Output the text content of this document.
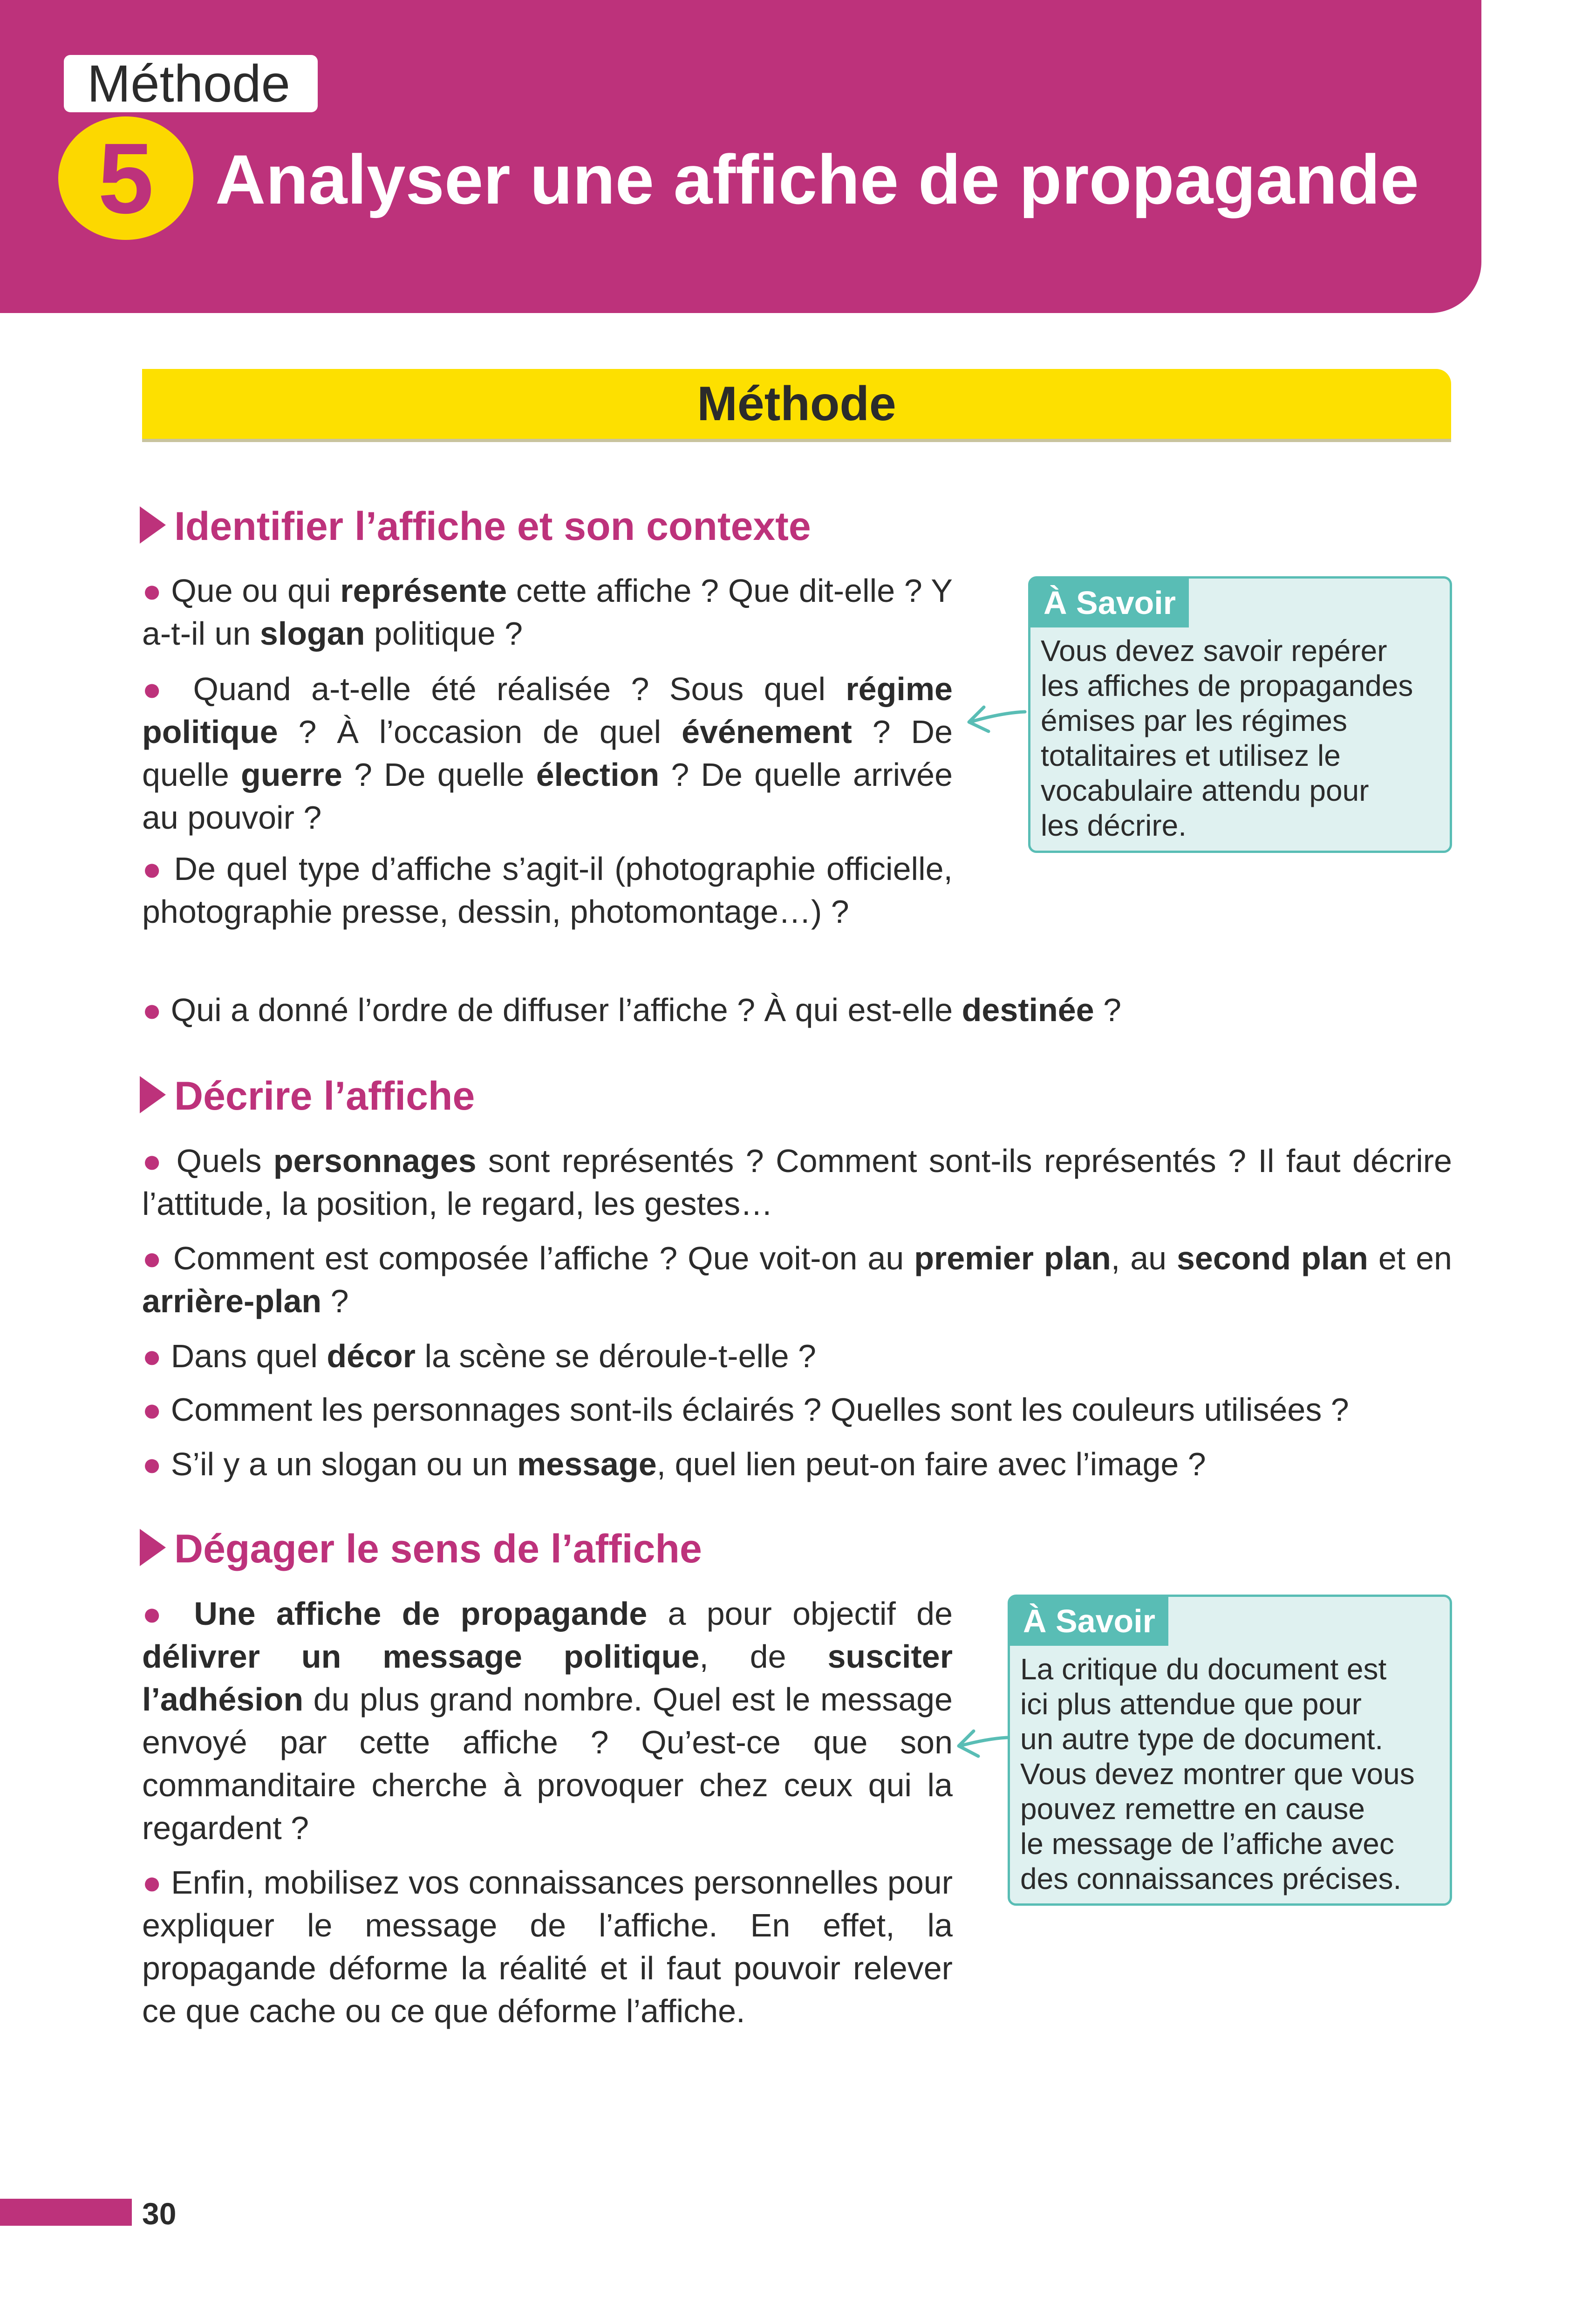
Méthode
5 Analyser une affiche de propagande
Méthode
Identifier l’affiche et son contexte
● Que ou qui représente cette affiche ? Que dit-elle ? Y a-t-il un slogan politique ?
● Quand a-t-elle été réalisée ? Sous quel régime politique ? À l’occasion de quel événement ? De quelle guerre ? De quelle élection ? De quelle arrivée au pouvoir ?
● De quel type d’affiche s’agit-il (photographie officielle, photographie presse, dessin, photomontage…) ?
● Qui a donné l’ordre de diffuser l’affiche ? À qui est-elle destinée ?
À Savoir
Vous devez savoir repérer
les affiches de propagandes
émises par les régimes
totalitaires et utilisez le
vocabulaire attendu pour
les décrire.
Décrire l’affiche
● Quels personnages sont représentés ? Comment sont-ils représentés ? Il faut décrire l’attitude, la position, le regard, les gestes…
● Comment est composée l’affiche ? Que voit-on au premier plan, au second plan et en arrière-plan ?
● Dans quel décor la scène se déroule-t-elle ?
● Comment les personnages sont-ils éclairés ? Quelles sont les couleurs utilisées ?
● S’il y a un slogan ou un message, quel lien peut-on faire avec l’image ?
Dégager le sens de l’affiche
● Une affiche de propagande a pour objectif de délivrer un message politique, de susciter l’adhésion du plus grand nombre. Quel est le message envoyé par cette affiche ? Qu’est-ce que son commanditaire cherche à provoquer chez ceux qui la regardent ?
● Enfin, mobilisez vos connaissances personnelles pour expliquer le message de l’affiche. En effet, la propagande déforme la réalité et il faut pouvoir relever ce que cache ou ce que déforme l’affiche.
À Savoir
La critique du document est
ici plus attendue que pour
un autre type de document.
Vous devez montrer que vous
pouvez remettre en cause
le message de l’affiche avec
des connaissances précises.
30
